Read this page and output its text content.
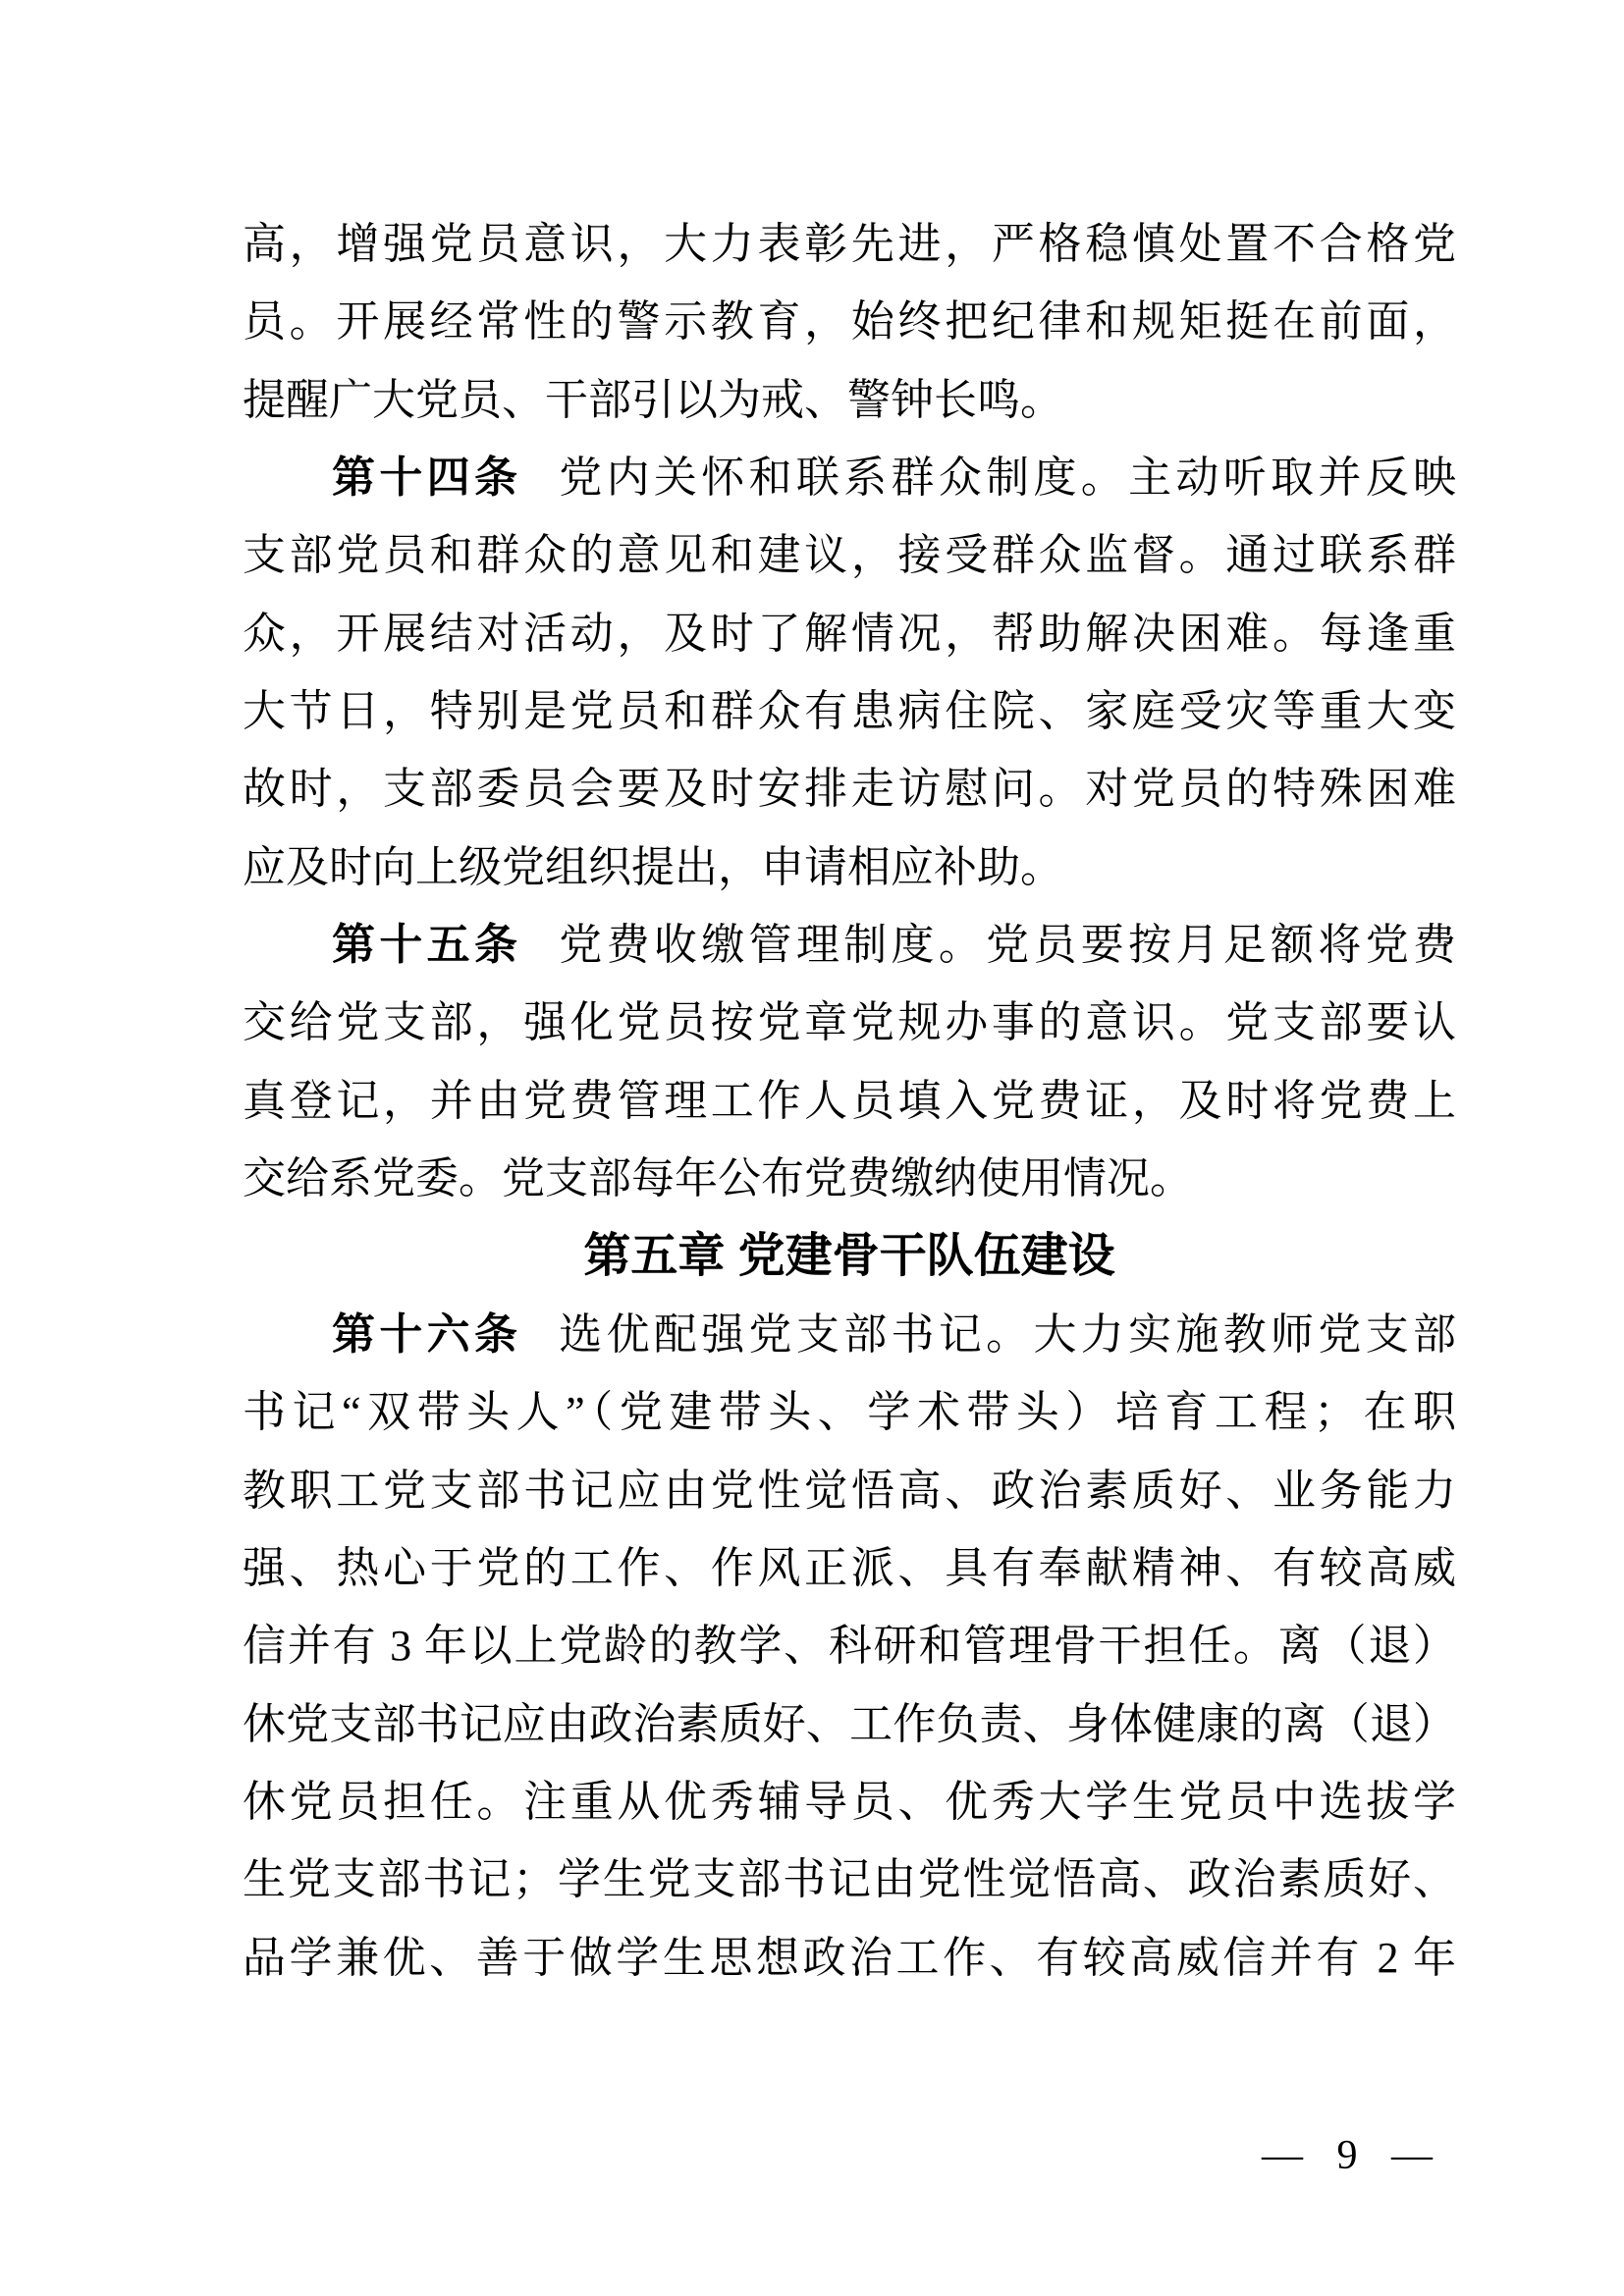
高，增强党员意识，大力表彰先进，严格稳慎处置不合格党
员。开展经常性的警示教育，始终把纪律和规矩挺在前面，
提醒广大党员、干部引以为戒、警钟长鸣。
第十四条 党内关怀和联系群众制度。主动听取并反映
支部党员和群众的意见和建议，接受群众监督。通过联系群
众，开展结对活动，及时了解情况，帮助解决困难。每逢重
大节日，特别是党员和群众有患病住院、家庭受灾等重大变
故时，支部委员会要及时安排走访慰问。对党员的特殊困难
应及时向上级党组织提出，申请相应补助。
第十五条 党费收缴管理制度。党员要按月足额将党费
交给党支部，强化党员按党章党规办事的意识。党支部要认
真登记，并由党费管理工作人员填入党费证，及时将党费上
交给系党委。党支部每年公布党费缴纳使用情况。
第五章 党建骨干队伍建设
第十六条 选优配强党支部书记。大力实施教师党支部
书记“双带头人”（党建带头、学术带头）培育工程；在职
教职工党支部书记应由党性觉悟高、政治素质好、业务能力
强、热心于党的工作、作风正派、具有奉献精神、有较高威
信并有 3 年以上党龄的教学、科研和管理骨干担任。离（退）
休党支部书记应由政治素质好、工作负责、身体健康的离（退）
休党员担任。注重从优秀辅导员、优秀大学生党员中选拔学
生党支部书记；学生党支部书记由党性觉悟高、政治素质好、
品学兼优、善于做学生思想政治工作、有较高威信并有 2 年
— 9 —
